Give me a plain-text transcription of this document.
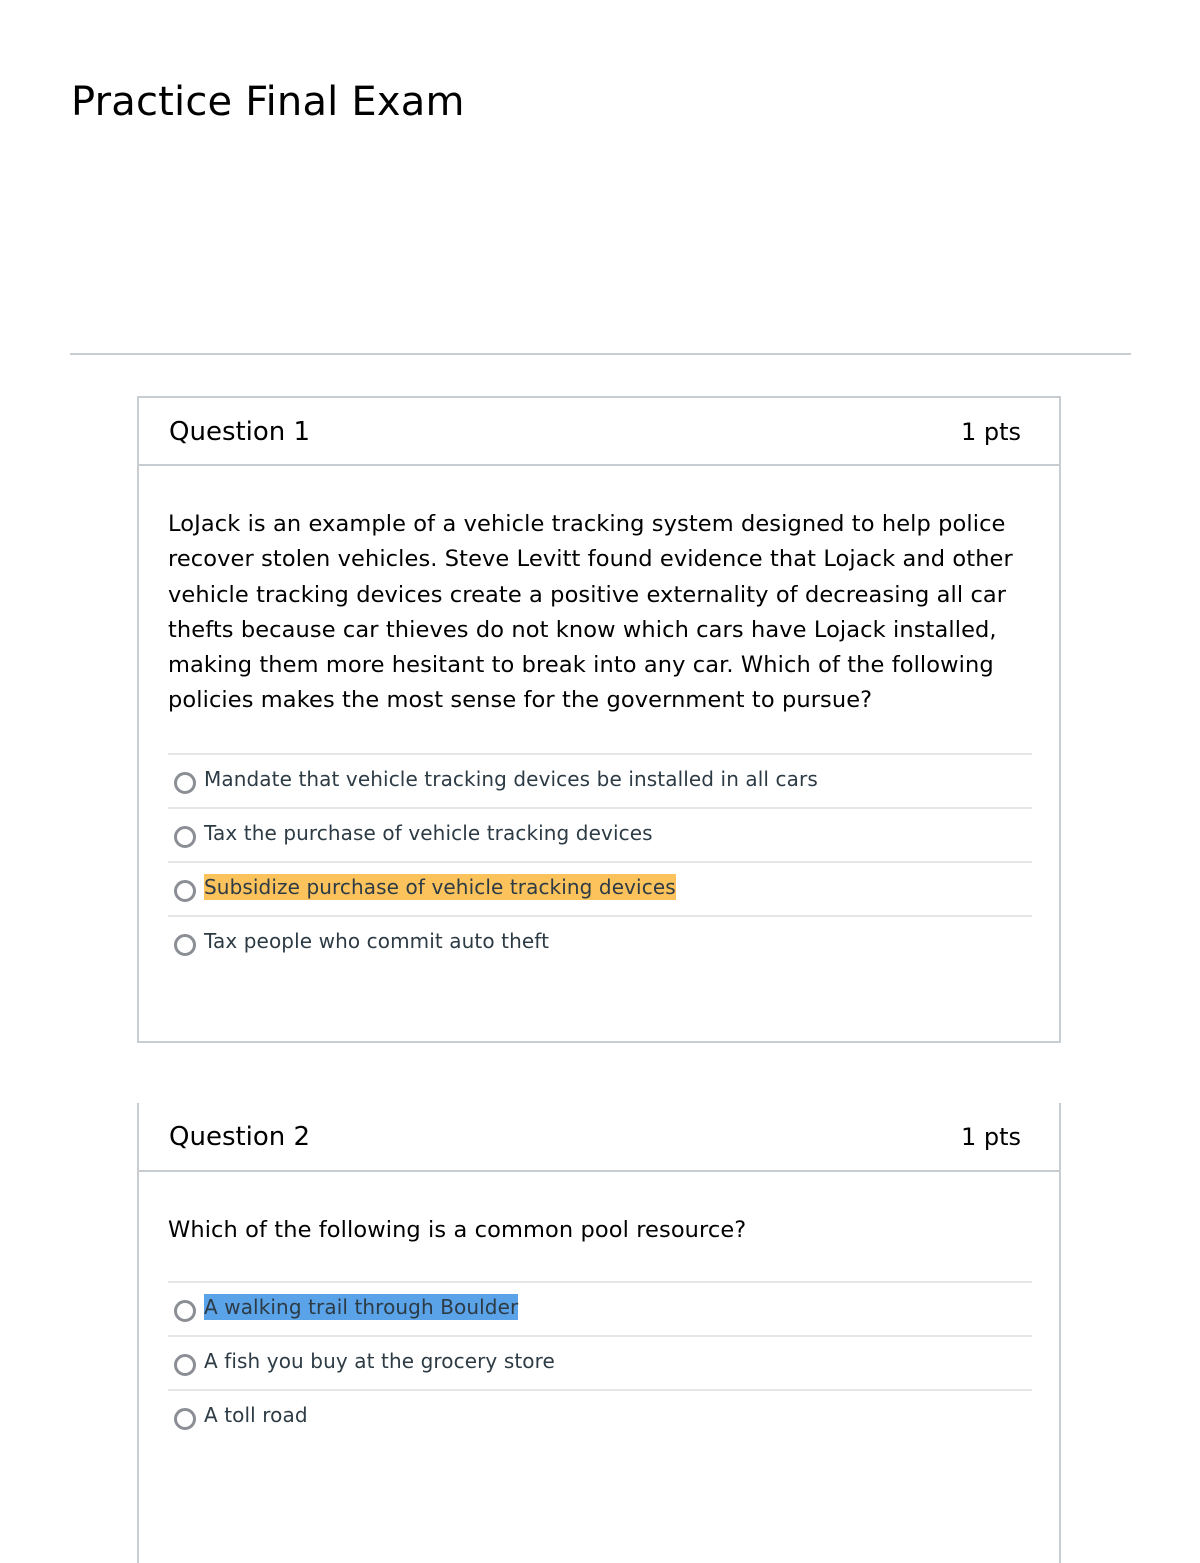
Practice Final Exam
Question 1	1 pts

LoJack is an example of a vehicle tracking system designed to help police recover stolen vehicles. Steve Levitt found evidence that Lojack and other vehicle tracking devices create a positive externality of decreasing all car thefts because car thieves do not know which cars have Lojack installed, making them more hesitant to break into any car. Which of the following policies makes the most sense for the government to pursue?

Mandate that vehicle tracking devices be installed in all cars
Tax the purchase of vehicle tracking devices
Subsidize purchase of vehicle tracking devices
Tax people who commit auto theft
Question 2	1 pts

Which of the following is a common pool resource?

A walking trail through Boulder
A fish you buy at the grocery store
A toll road
